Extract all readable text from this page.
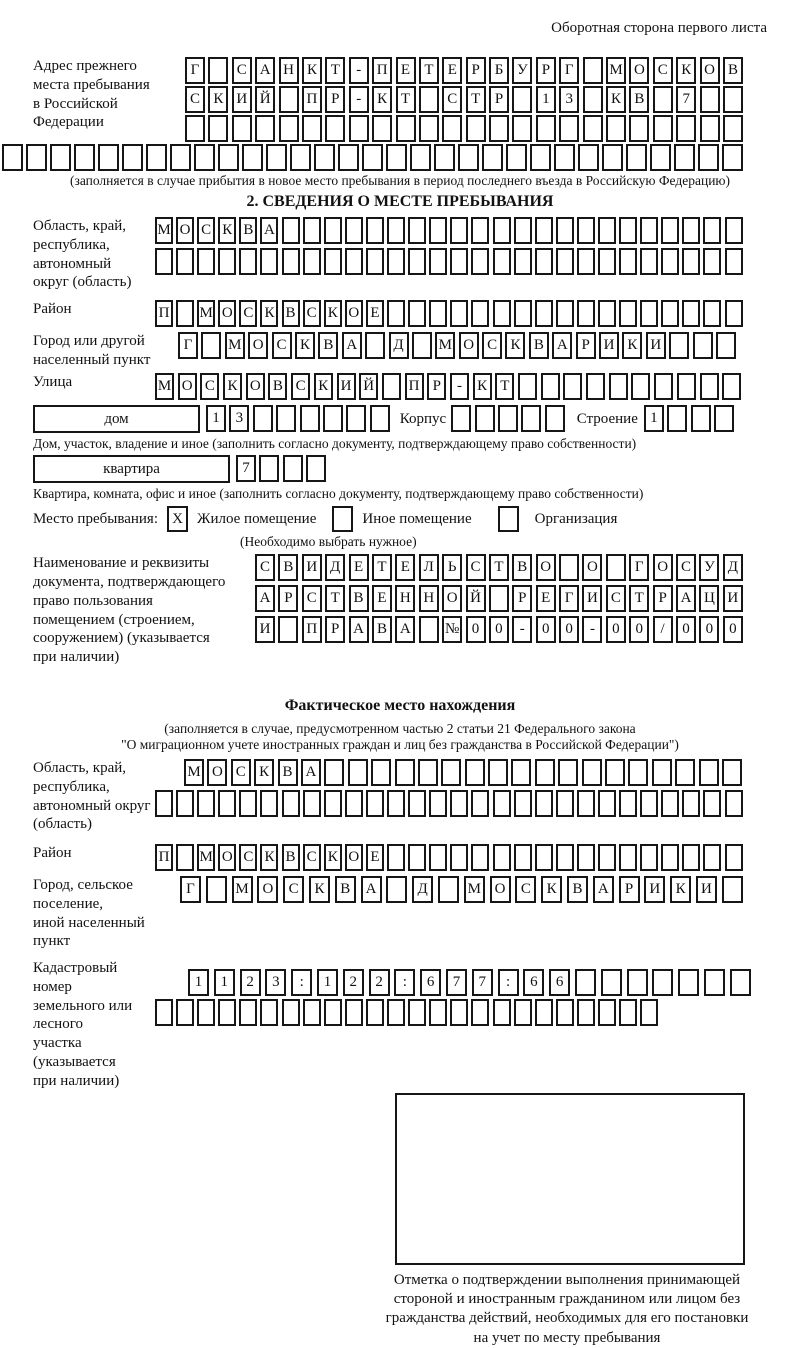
Оборотная сторона первого листа
Адрес прежнего
места пребывания
в Российской
Федерации
Г	С А Н К Т	-	П Е Т Е Р Б У Р Г	М О С К О В
С К И Й	П Р	-	К Т	С Т Р	1	3	К В	7
(заполняется в случае прибытия в новое место пребывания в период последнего въезда в Российскую Федерацию)
2. СВЕДЕНИЯ О МЕСТЕ ПРЕБЫВАНИЯ
Область, край,
республика,
автономный
округ (область)
М О С К В А
Район	П М О С К В С К О Е
Город или другой
населенный пункт
Г	М О С К В А	Д	М О С К В А Р И К И
Улица	М О С К О В С К И Й П Р	-	К Т
дом	1	3	Корпус	Строение 1
Дом, участок, владение и иное (заполнить согласно документу, подтверждающему право собственности)
квартира	7
Квартира, комната, офис и иное (заполнить согласно документу, подтверждающему право собственности)
Место пребывания: X Жилое помещение	Иное помещение	Организация
(Необходимо выбрать нужное)
Наименование и реквизиты
документа, подтверждающего
право пользования
помещением (строением,
сооружением) (указывается
при наличии)
С В И Д Е Т Е Л Ь С Т В О	О	Г О С У Д
А Р С Т В Е Н Н О Й	Р Е Г И С Т Р А Ц И
И	П Р А В А	№ 0	0	-	0	0	-	0	0	/	0	0	0
Фактическое место нахождения
(заполняется в случае, предусмотренном частью 2 статьи 21 Федерального закона
"О миграционном учете иностранных граждан и лиц без гражданства в Российской Федерации")
Область, край,
республика,
автономный округ
(область)
М О С К В А
Район	П М О С К В С К О Е
Город, сельское поселение,
иной населенный пункт
Г	М О	С	К	В	А	Д	М О	С	К	В	А	Р	И	К	И
Кадастровый номер
земельного или лесного
участка (указывается
при наличии)
1	1	2	3	:	1	2	2	:	6	7	7	:	6	6
Отметка о подтверждении выполнения принимающей
стороной и иностранным гражданином или лицом без
гражданства действий, необходимых для его постановки
на учет по месту пребывания
